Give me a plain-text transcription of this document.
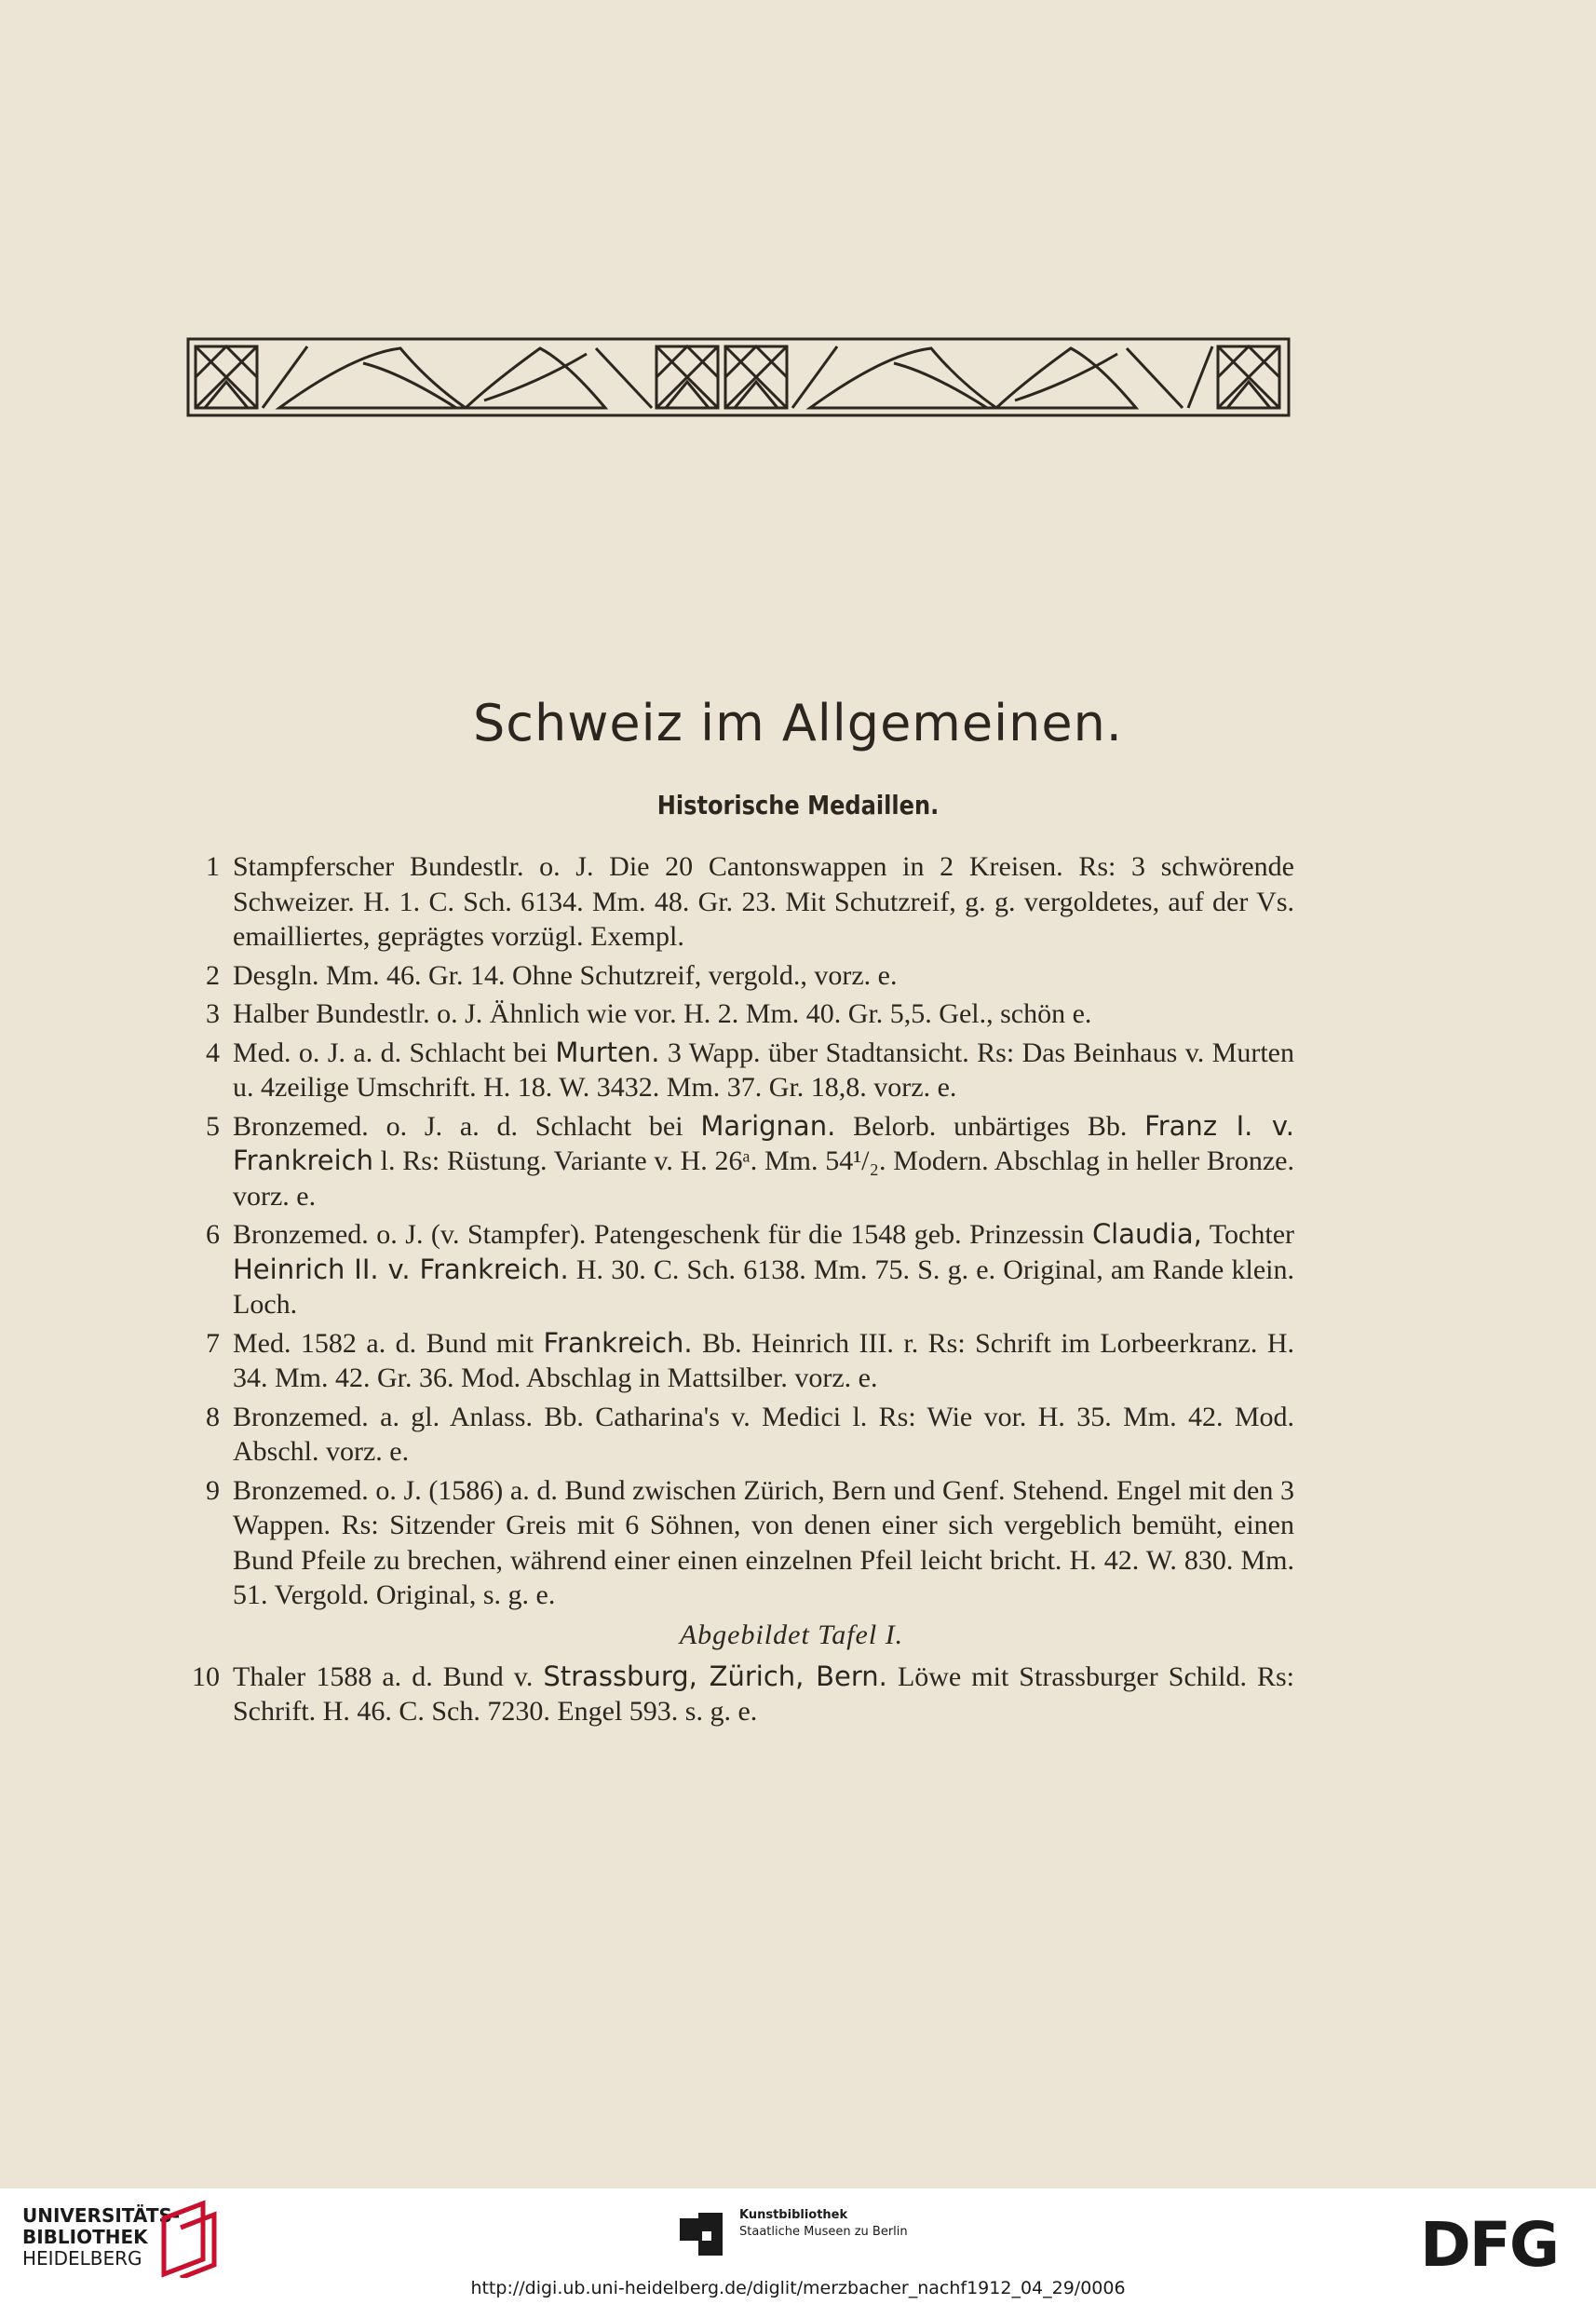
Schweiz im Allgemeinen.
Historische Medaillen.
1 Stampferscher Bundestlr. o. J. Die 20 Cantonswappen in 2 Kreisen. Rs: 3 schwörende Schweizer. H. 1. C. Sch. 6134. Mm. 48. Gr. 23. Mit Schutzreif, g. g. vergoldetes, auf der Vs. emailliertes, geprägtes vorzügl. Exempl.
2 Desgln. Mm. 46. Gr. 14. Ohne Schutzreif, vergold., vorz. e.
3 Halber Bundestlr. o. J. Ähnlich wie vor. H. 2. Mm. 40. Gr. 5,5. Gel., schön e.
4 Med. o. J. a. d. Schlacht bei Murten. 3 Wapp. über Stadtansicht. Rs: Das Beinhaus v. Murten u. 4zeilige Umschrift. H. 18. W. 3432. Mm. 37. Gr. 18,8. vorz. e.
5 Bronzemed. o. J. a. d. Schlacht bei Marignan. Belorb. unbärtiges Bb. Franz I. v. Frankreich l. Rs: Rüstung. Variante v. H. 26ᵃ. Mm. 54¹/₂. Modern. Abschlag in heller Bronze. vorz. e.
6 Bronzemed. o. J. (v. Stampfer). Patengeschenk für die 1548 geb. Prinzessin Claudia, Tochter Heinrich II. v. Frankreich. H. 30. C. Sch. 6138. Mm. 75. S. g. e. Original, am Rande klein. Loch.
7 Med. 1582 a. d. Bund mit Frankreich. Bb. Heinrich III. r. Rs: Schrift im Lorbeerkranz. H. 34. Mm. 42. Gr. 36. Mod. Abschlag in Mattsilber. vorz. e.
8 Bronzemed. a. gl. Anlass. Bb. Catharina's v. Medici l. Rs: Wie vor. H. 35. Mm. 42. Mod. Abschl. vorz. e.
9 Bronzemed. o. J. (1586) a. d. Bund zwischen Zürich, Bern und Genf. Stehend. Engel mit den 3 Wappen. Rs: Sitzender Greis mit 6 Söhnen, von denen einer sich vergeblich bemüht, einen Bund Pfeile zu brechen, während einer einen einzelnen Pfeil leicht bricht. H. 42. W. 830. Mm. 51. Vergold. Original, s. g. e.
Abgebildet Tafel I.
10 Thaler 1588 a. d. Bund v. Strassburg, Zürich, Bern. Löwe mit Strassburger Schild. Rs: Schrift. H. 46. C. Sch. 7230. Engel 593. s. g. e.
UNIVERSITÄTS-
BIBLIOTHEK
HEIDELBERG
Kunstbibliothek
Staatliche Museen zu Berlin	DFG
http://digi.ub.uni-heidelberg.de/diglit/merzbacher_nachf1912_04_29/0006
